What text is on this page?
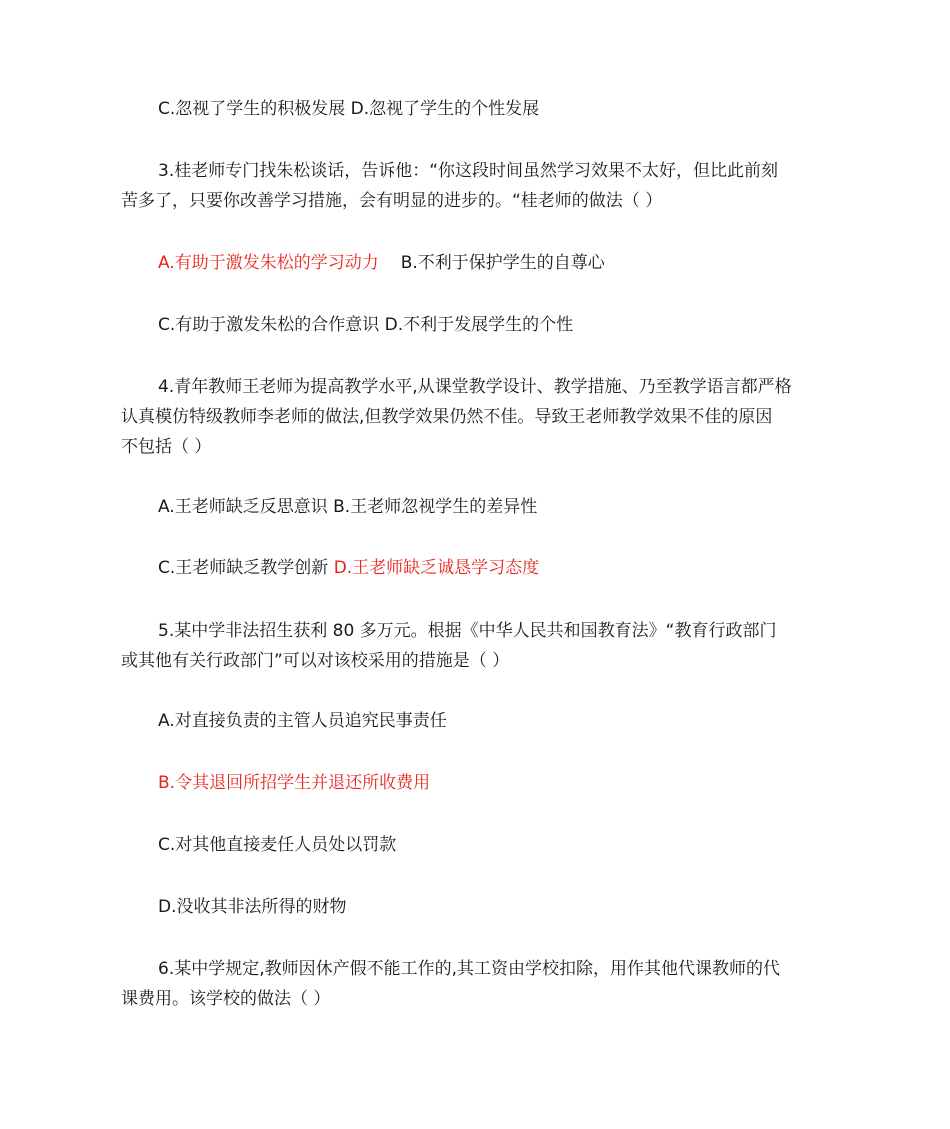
C.忽视了学生的积极发展 D.忽视了学生的个性发展
3.桂老师专门找朱松谈话，告诉他：“你这段时间虽然学习效果不太好，但比此前刻
苦多了，只要你改善学习措施，会有明显的进步的。“桂老师的做法（ ）
A.有助于激发朱松的学习动力 B.不利于保护学生的自尊心
C.有助于激发朱松的合作意识 D.不利于发展学生的个性
4.青年教师王老师为提高教学水平,从课堂教学设计、教学措施、乃至教学语言都严格
认真模仿特级教师李老师的做法,但教学效果仍然不佳。导致王老师教学效果不佳的原因
不包括（ ）
A.王老师缺乏反思意识 B.王老师忽视学生的差异性
C.王老师缺乏教学创新 D.王老师缺乏诚恳学习态度
5.某中学非法招生获利 80 多万元。根据《中华人民共和国教育法》“教育行政部门
或其他有关行政部门”可以对该校采用的措施是（ ）
A.对直接负责的主管人员追究民事责任
B.令其退回所招学生并退还所收费用
C.对其他直接麦任人员处以罚款
D.没收其非法所得的财物
6.某中学规定,教师因休产假不能工作的,其工资由学校扣除，用作其他代课教师的代
课费用。该学校的做法（ ）
